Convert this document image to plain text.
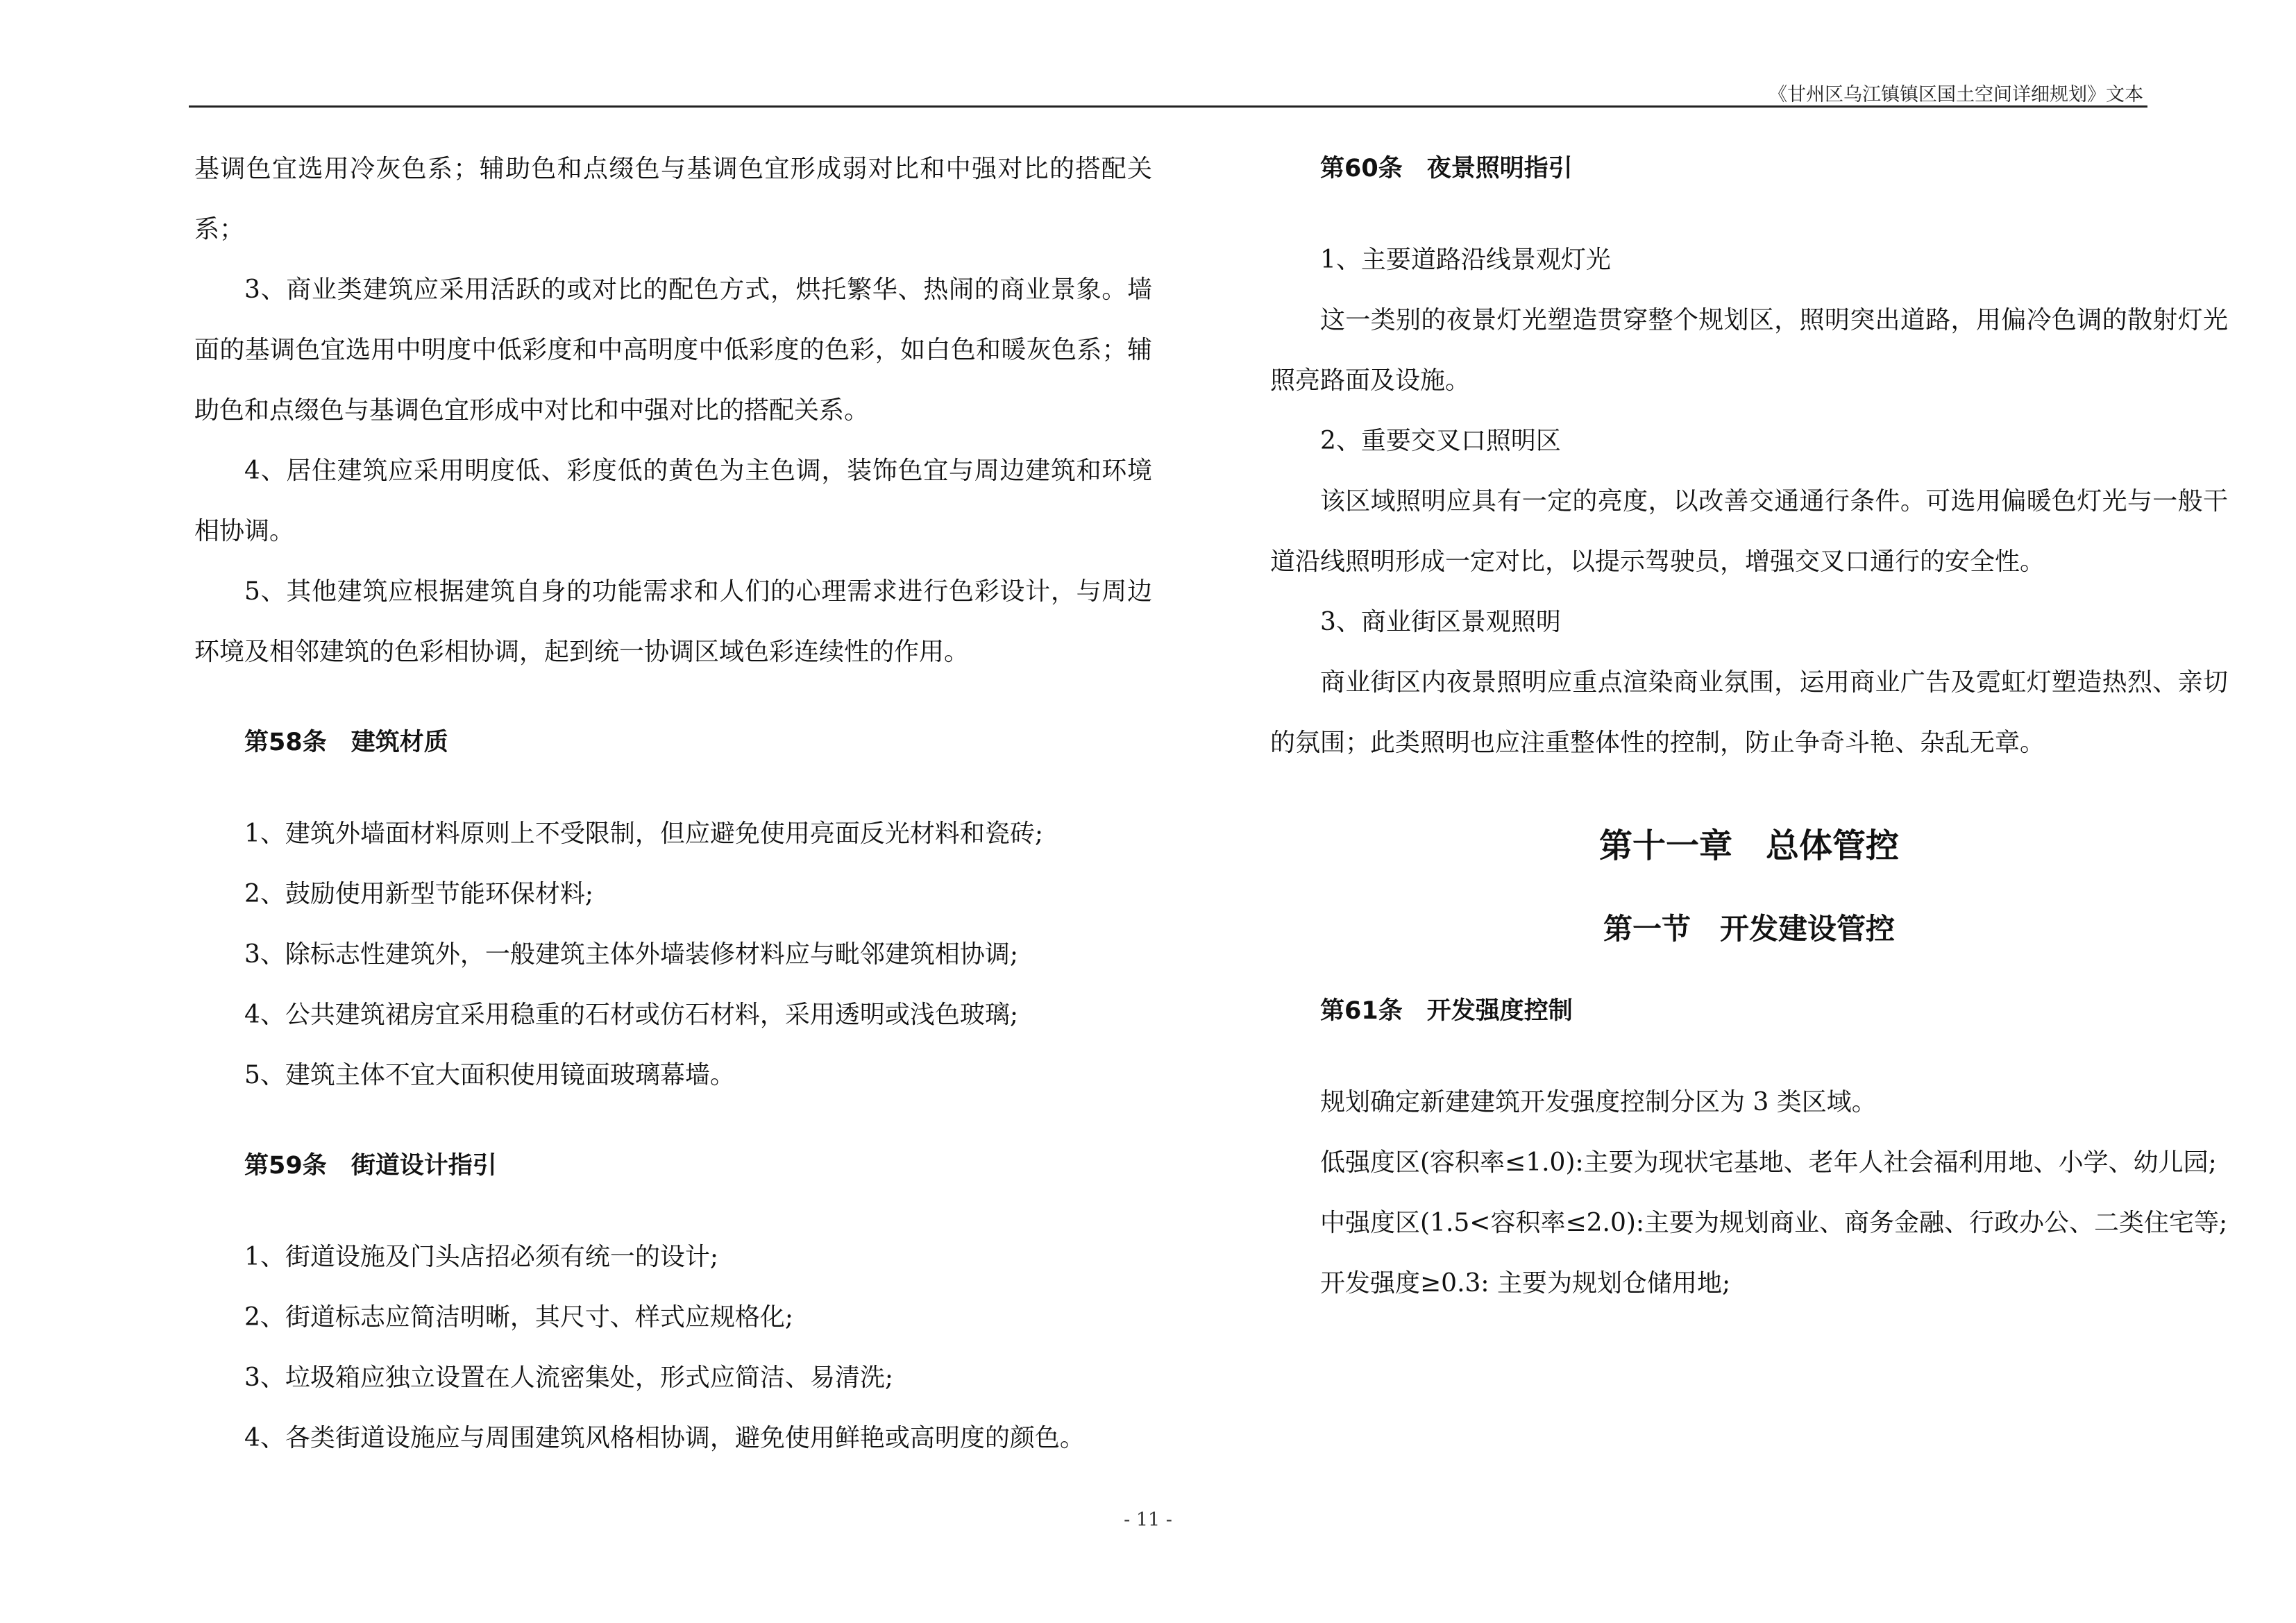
《甘州区乌江镇镇区国土空间详细规划》文本

基调色宜选用冷灰色系；辅助色和点缀色与基调色宜形成弱对比和中强对比的搭配关系；

3、商业类建筑应采用活跃的或对比的配色方式，烘托繁华、热闹的商业景象。墙面的基调色宜选用中明度中低彩度和中高明度中低彩度的色彩，如白色和暖灰色系；辅助色和点缀色与基调色宜形成中对比和中强对比的搭配关系。

4、居住建筑应采用明度低、彩度低的黄色为主色调，装饰色宜与周边建筑和环境相协调。

5、其他建筑应根据建筑自身的功能需求和人们的心理需求进行色彩设计，与周边环境及相邻建筑的色彩相协调，起到统一协调区域色彩连续性的作用。

第58条　建筑材质

1、建筑外墙面材料原则上不受限制，但应避免使用亮面反光材料和瓷砖;

2、鼓励使用新型节能环保材料;

3、除标志性建筑外，一般建筑主体外墙装修材料应与毗邻建筑相协调;

4、公共建筑裙房宜采用稳重的石材或仿石材料，采用透明或浅色玻璃;

5、建筑主体不宜大面积使用镜面玻璃幕墙。

第59条　街道设计指引

1、街道设施及门头店招必须有统一的设计;

2、街道标志应简洁明晰，其尺寸、样式应规格化;

3、垃圾箱应独立设置在人流密集处，形式应简洁、易清洗;

4、各类街道设施应与周围建筑风格相协调，避免使用鲜艳或高明度的颜色。

第60条　夜景照明指引

1、主要道路沿线景观灯光

这一类别的夜景灯光塑造贯穿整个规划区，照明突出道路，用偏冷色调的散射灯光照亮路面及设施。

2、重要交叉口照明区

该区域照明应具有一定的亮度，以改善交通通行条件。可选用偏暖色灯光与一般干道沿线照明形成一定对比，以提示驾驶员，增强交叉口通行的安全性。

3、商业街区景观照明

商业街区内夜景照明应重点渲染商业氛围，运用商业广告及霓虹灯塑造热烈、亲切的氛围；此类照明也应注重整体性的控制，防止争奇斗艳、杂乱无章。

第十一章　总体管控
第一节　开发建设管控
第61条　开发强度控制

规划确定新建建筑开发强度控制分区为 3 类区域。

低强度区(容积率≤1.0):主要为现状宅基地、老年人社会福利用地、小学、幼儿园;

中强度区(1.5<容积率≤2.0):主要为规划商业、商务金融、行政办公、二类住宅等;

开发强度≥0.3: 主要为规划仓储用地;

- 11 -
